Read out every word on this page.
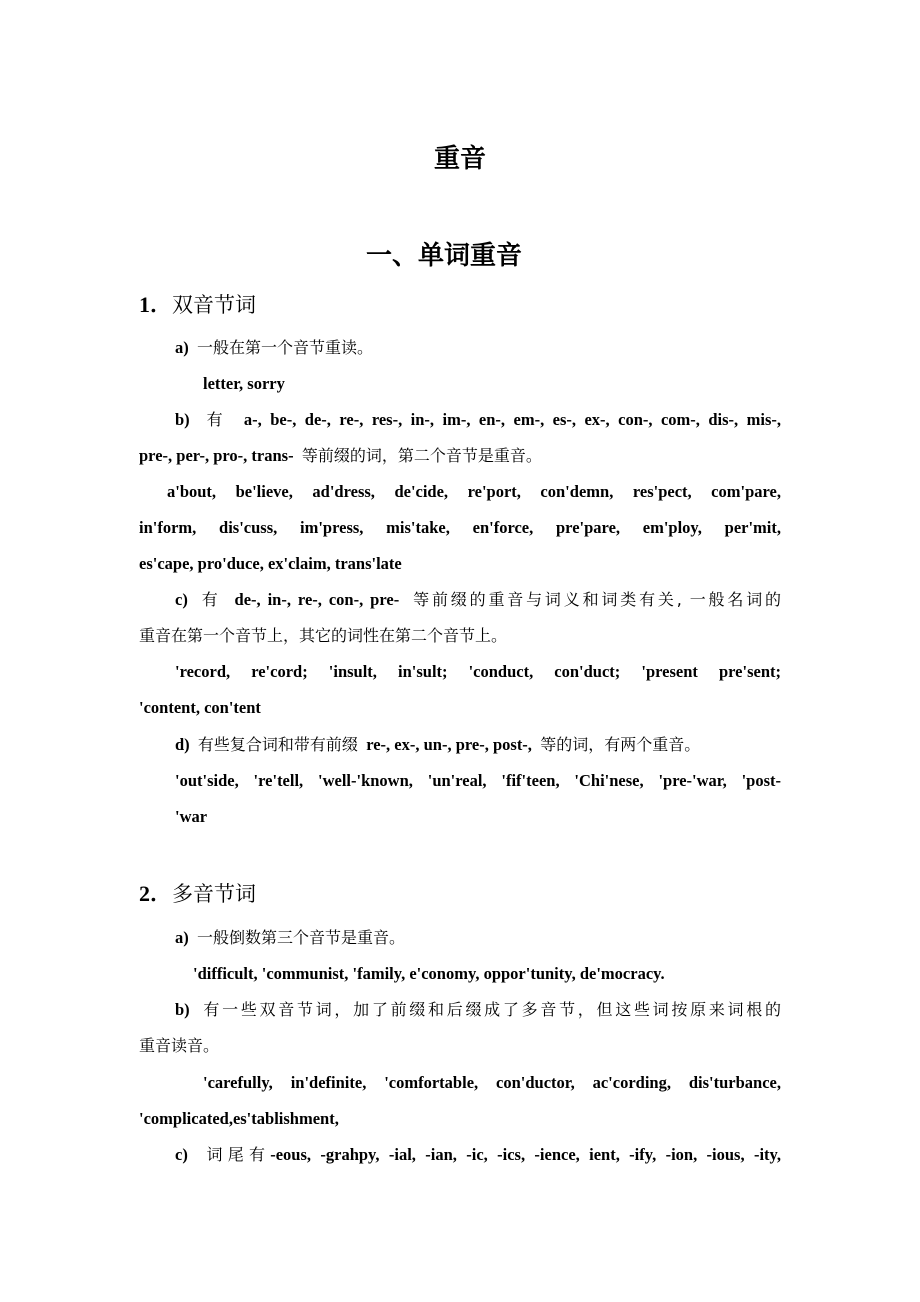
重音
一、单词重音
1．双音节词
a) 一般在第一个音节重读。
letter, sorry
b) 有 a-, be-, de-, re-, res-, in-, im-, en-, em-, es-, ex-, con-, com-, dis-, mis-,
pre-, per-, pro-, trans- 等前缀的词，第二个音节是重音。
a'bout, be'lieve, ad'dress, de'cide, re'port, con'demn, res'pect, com'pare,
in'form, dis'cuss, im'press, mis'take, en'force, pre'pare, em'ploy, per'mit,
es'cape, pro'duce, ex'claim, trans'late
c) 有 de-, in-, re-, con-, pre- 等前缀的重音与词义和词类有关, 一般名词的
重音在第一个音节上，其它的词性在第二个音节上。
'record, re'cord; 'insult, in'sult; 'conduct, con'duct; 'present pre'sent;
'content, con'tent
d) 有些复合词和带有前缀 re-, ex-, un-, pre-, post-, 等的词，有两个重音。
'out'side, 're'tell, 'well-'known, 'un'real, 'fif'teen, 'Chi'nese, 'pre-'war, 'post-
'war
2．多音节词
a) 一般倒数第三个音节是重音。
'difficult, 'communist, 'family, e'conomy, oppor'tunity, de'mocracy.
b) 有一些双音节词，加了前缀和后缀成了多音节，但这些词按原来词根的
重音读音。
'carefully, in'definite, 'comfortable, con'ductor, ac'cording, dis'turbance,
'complicated,es'tablishment,
c) 词尾有-eous, -grahpy, -ial, -ian, -ic, -ics, -ience, ient, -ify, -ion, -ious, -ity,
